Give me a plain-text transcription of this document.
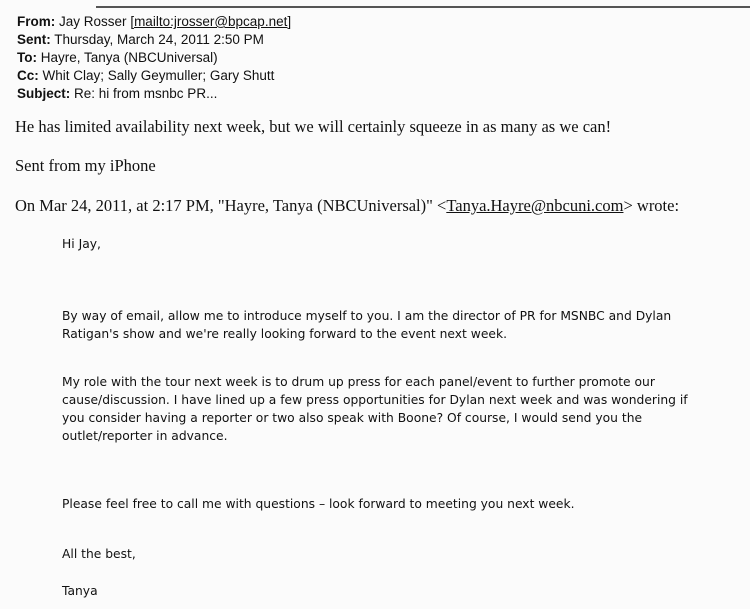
From: Jay Rosser [mailto:jrosser@bpcap.net]
Sent: Thursday, March 24, 2011 2:50 PM
To: Hayre, Tanya (NBCUniversal)
Cc: Whit Clay; Sally Geymuller; Gary Shutt
Subject: Re: hi from msnbc PR...
He has limited availability next week, but we will certainly squeeze in as many as we can!
Sent from my iPhone
On Mar 24, 2011, at 2:17 PM, "Hayre, Tanya (NBCUniversal)" <Tanya.Hayre@nbcuni.com> wrote:
Hi Jay,
By way of email, allow me to introduce myself to you. I am the director of PR for MSNBC and Dylan
Ratigan's show and we're really looking forward to the event next week.
My role with the tour next week is to drum up press for each panel/event to further promote our
cause/discussion. I have lined up a few press opportunities for Dylan next week and was wondering if
you consider having a reporter or two also speak with Boone? Of course, I would send you the
outlet/reporter in advance.
Please feel free to call me with questions – look forward to meeting you next week.
All the best,
Tanya
